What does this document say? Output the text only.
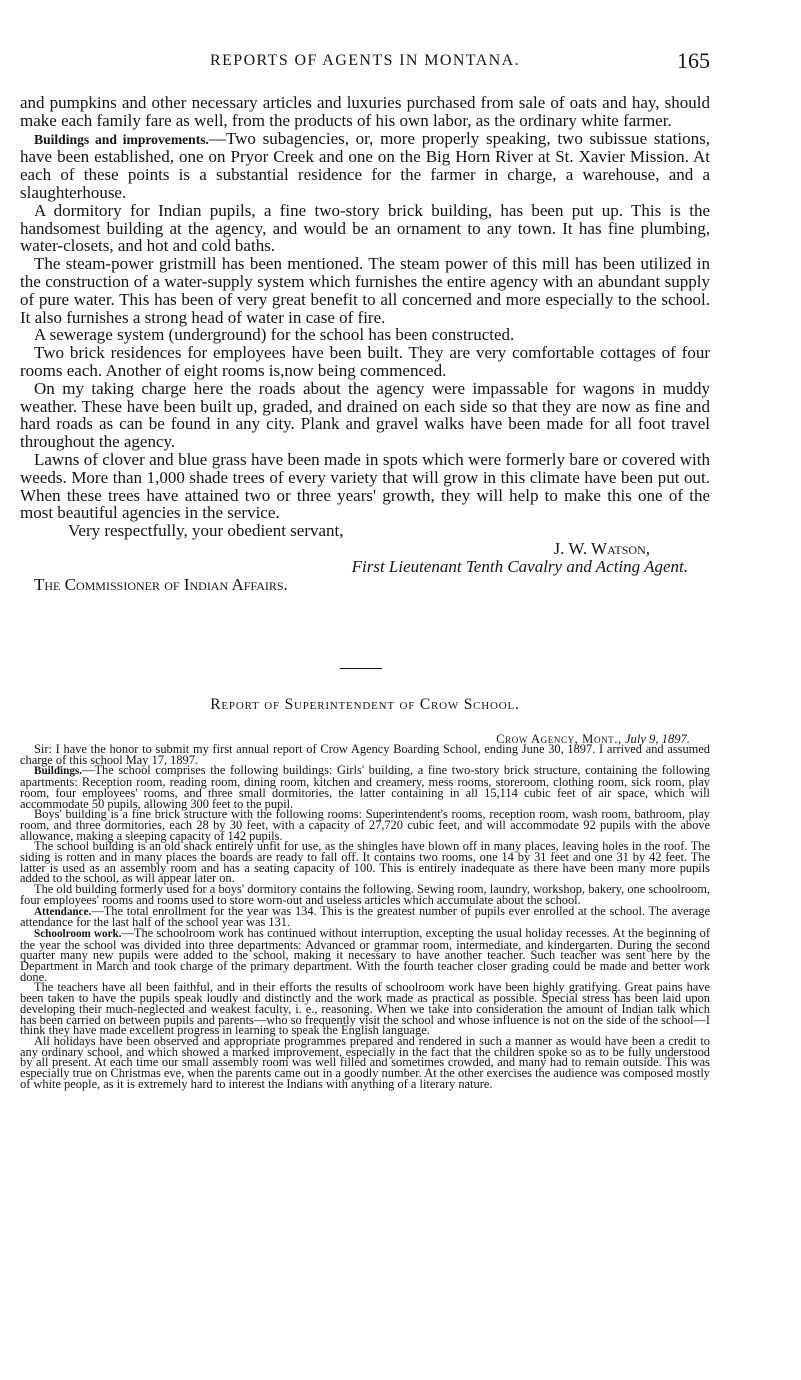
REPORTS OF AGENTS IN MONTANA.	165

and pumpkins and other necessary articles and luxuries purchased from sale of oats and hay, should make each family fare as well, from the products of his own labor, as the ordinary white farmer.

Buildings and improvements.—Two subagencies, or, more properly speaking, two subissue stations, have been established, one on Pryor Creek and one on the Big Horn River at St. Xavier Mission. At each of these points is a substantial residence for the farmer in charge, a warehouse, and a slaughterhouse.

A dormitory for Indian pupils, a fine two-story brick building, has been put up. This is the handsomest building at the agency, and would be an ornament to any town. It has fine plumbing, water-closets, and hot and cold baths.

The steam-power gristmill has been mentioned. The steam power of this mill has been utilized in the construction of a water-supply system which furnishes the entire agency with an abundant supply of pure water. This has been of very great benefit to all concerned and more especially to the school. It also furnishes a strong head of water in case of fire.

A sewerage system (underground) for the school has been constructed.

Two brick residences for employees have been built. They are very comfortable cottages of four rooms each. Another of eight rooms is,now being commenced.

On my taking charge here the roads about the agency were impassable for wagons in muddy weather. These have been built up, graded, and drained on each side so that they are now as fine and hard roads as can be found in any city. Plank and gravel walks have been made for all foot travel throughout the agency.

Lawns of clover and blue grass have been made in spots which were formerly bare or covered with weeds. More than 1,000 shade trees of every variety that will grow in this climate have been put out. When these trees have attained two or three years' growth, they will help to make this one of the most beautiful agencies in the service.

Very respectfully, your obedient servant,

J. W. Watson,

First Lieutenant Tenth Cavalry and Acting Agent.

The Commissioner of Indian Affairs.

Report of Superintendent of Crow School.
Crow Agency, Mont., July 9, 1897.

Sir: I have the honor to submit my first annual report of Crow Agency Boarding School, ending June 30, 1897. I arrived and assumed charge of this school May 17, 1897.

Buildings.—The school comprises the following buildings: Girls' building, a fine two-story brick structure, containing the following apartments: Reception room, reading room, dining room, kitchen and creamery, mess rooms, storeroom, clothing room, sick room, play room, four employees' rooms, and three small dormitories, the latter containing in all 15,114 cubic feet of air space, which will accommodate 50 pupils, allowing 300 feet to the pupil.

Boys' building is a fine brick structure with the following rooms: Superintendent's rooms, reception room, wash room, bathroom, play room, and three dormitories, each 28 by 30 feet, with a capacity of 27,720 cubic feet, and will accommodate 92 pupils with the above allowance, making a sleeping capacity of 142 pupils.

The school building is an old shack entirely unfit for use, as the shingles have blown off in many places, leaving holes in the roof. The siding is rotten and in many places the boards are ready to fall off. It contains two rooms, one 14 by 31 feet and one 31 by 42 feet. The latter is used as an assembly room and has a seating capacity of 100. This is entirely inadequate as there have been many more pupils added to the school, as will appear later on.

The old building formerly used for a boys' dormitory contains the following. Sewing room, laundry, workshop, bakery, one schoolroom, four employees' rooms and rooms used to store worn-out and useless articles which accumulate about the school.

Attendance.—The total enrollment for the year was 134. This is the greatest number of pupils ever enrolled at the school. The average attendance for the last half of the school year was 131.

Schoolroom work.—The schoolroom work has continued without interruption, excepting the usual holiday recesses. At the beginning of the year the school was divided into three departments: Advanced or grammar room, intermediate, and kindergarten. During the second quarter many new pupils were added to the school, making it necessary to have another teacher. Such teacher was sent here by the Department in March and took charge of the primary department. With the fourth teacher closer grading could be made and better work done.

The teachers have all been faithful, and in their efforts the results of schoolroom work have been highly gratifying. Great pains have been taken to have the pupils speak loudly and distinctly and the work made as practical as possible. Special stress has been laid upon developing their much-neglected and weakest faculty, i. e., reasoning. When we take into consideration the amount of Indian talk which has been carried on between pupils and parents—who so frequently visit the school and whose influence is not on the side of the school—I think they have made excellent progress in learning to speak the English language.

All holidays have been observed and appropriate programmes prepared and rendered in such a manner as would have been a credit to any ordinary school, and which showed a marked improvement, especially in the fact that the children spoke so as to be fully understood by all present. At each time our small assembly room was well filled and sometimes crowded, and many had to remain outside. This was especially true on Christmas eve, when the parents came out in a goodly number. At the other exercises the audience was composed mostly of white people, as it is extremely hard to interest the Indians with anything of a literary nature.
